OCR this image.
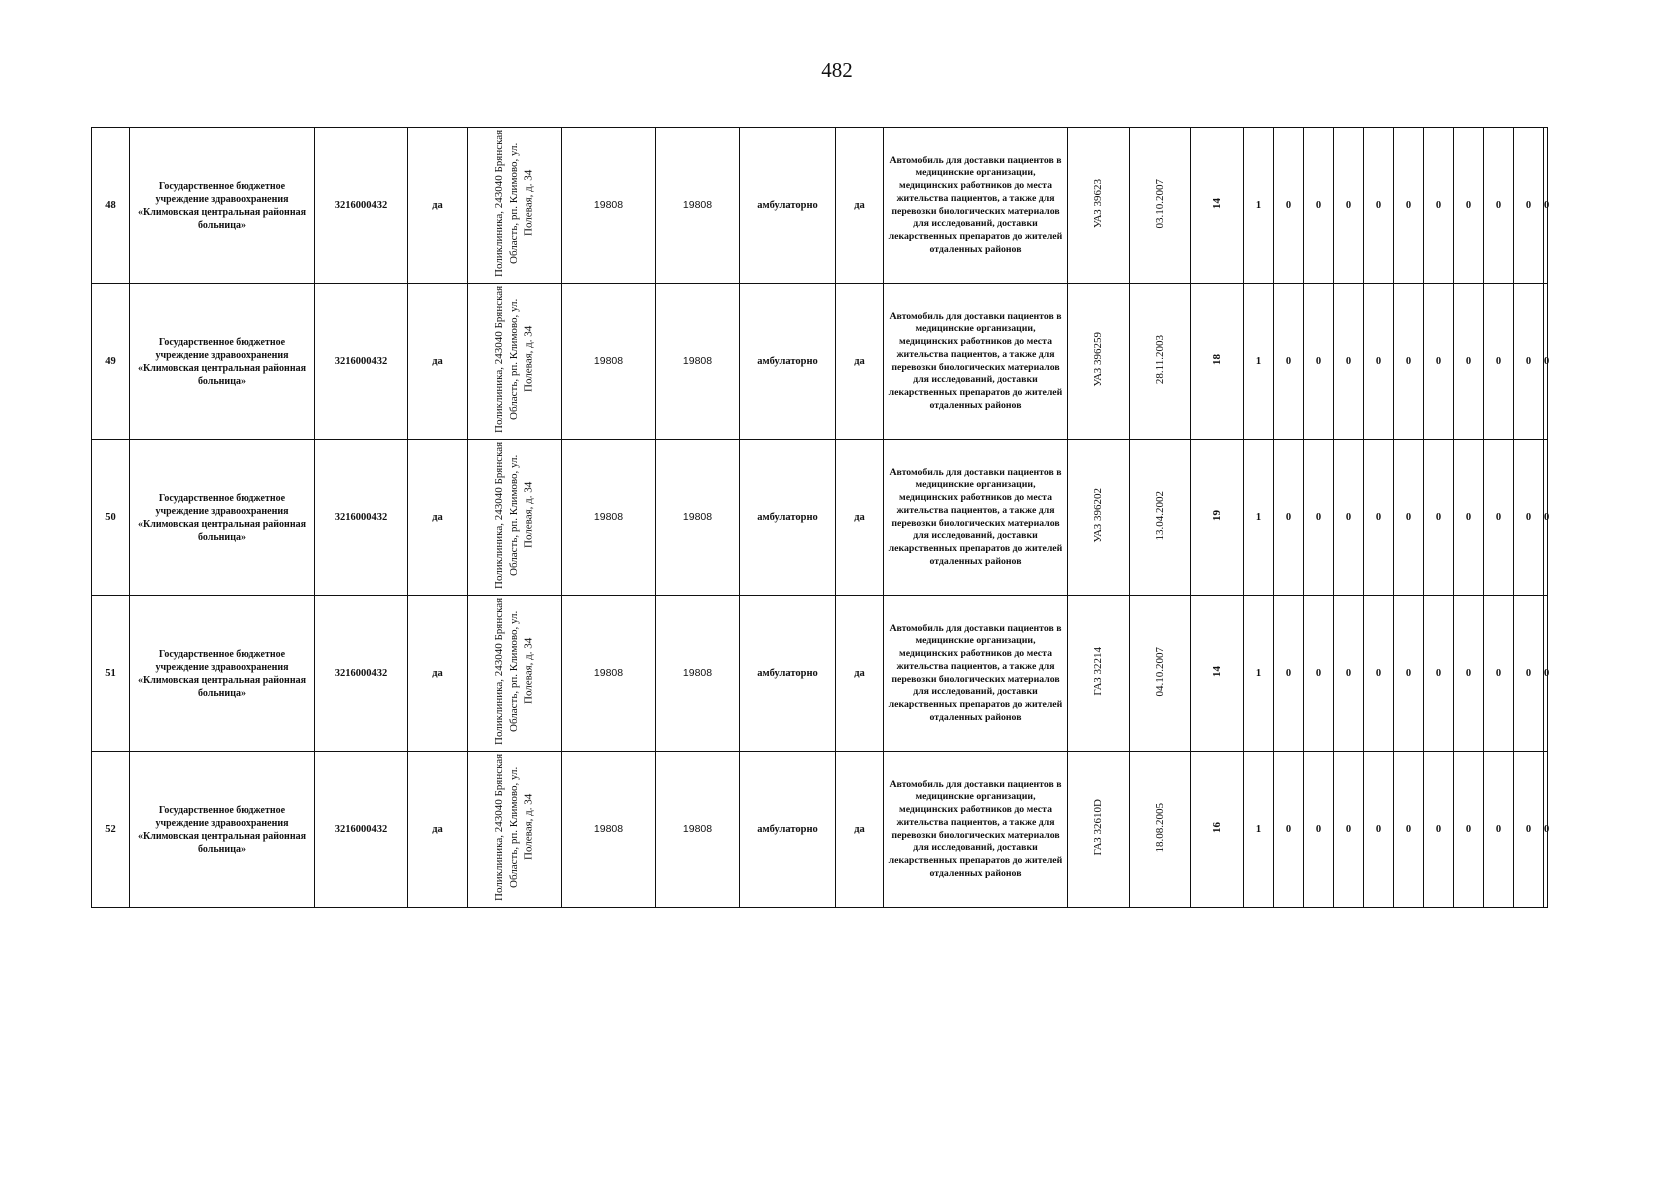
482
48	Государственное бюджетное учреждение здравоохранения «Климовская центральная районная больница»	3216000432	да	Поликлиника, 243040 Брянская Область, рп. Климово, ул. Полевая, д. 34	19808	19808	амбулаторно	да	Автомобиль для доставки пациентов в медицинские организации, медицинских работников до места жительства пациентов, а также для перевозки биологических материалов для исследований, доставки лекарственных препаратов до жителей отдаленных районов	УАЗ 39623	03.10.2007	14	1	0	0	0	0	0	0	0	0	0	0
49	Государственное бюджетное учреждение здравоохранения «Климовская центральная районная больница»	3216000432	да	Поликлиника, 243040 Брянская Область, рп. Климово, ул. Полевая, д. 34	19808	19808	амбулаторно	да	Автомобиль для доставки пациентов в медицинские организации, медицинских работников до места жительства пациентов, а также для перевозки биологических материалов для исследований, доставки лекарственных препаратов до жителей отдаленных районов	УАЗ 396259	28.11.2003	18	1	0	0	0	0	0	0	0	0	0	0
50	Государственное бюджетное учреждение здравоохранения «Климовская центральная районная больница»	3216000432	да	Поликлиника, 243040 Брянская Область, рп. Климово, ул. Полевая, д. 34	19808	19808	амбулаторно	да	Автомобиль для доставки пациентов в медицинские организации, медицинских работников до места жительства пациентов, а также для перевозки биологических материалов для исследований, доставки лекарственных препаратов до жителей отдаленных районов	УАЗ 396202	13.04.2002	19	1	0	0	0	0	0	0	0	0	0	0
51	Государственное бюджетное учреждение здравоохранения «Климовская центральная районная больница»	3216000432	да	Поликлиника, 243040 Брянская Область, рп. Климово, ул. Полевая, д. 34	19808	19808	амбулаторно	да	Автомобиль для доставки пациентов в медицинские организации, медицинских работников до места жительства пациентов, а также для перевозки биологических материалов для исследований, доставки лекарственных препаратов до жителей отдаленных районов	ГАЗ 32214	04.10.2007	14	1	0	0	0	0	0	0	0	0	0	0
52	Государственное бюджетное учреждение здравоохранения «Климовская центральная районная больница»	3216000432	да	Поликлиника, 243040 Брянская Область, рп. Климово, ул. Полевая, д. 34	19808	19808	амбулаторно	да	Автомобиль для доставки пациентов в медицинские организации, медицинских работников до места жительства пациентов, а также для перевозки биологических материалов для исследований, доставки лекарственных препаратов до жителей отдаленных районов	ГАЗ 32610D	18.08.2005	16	1	0	0	0	0	0	0	0	0	0	0
